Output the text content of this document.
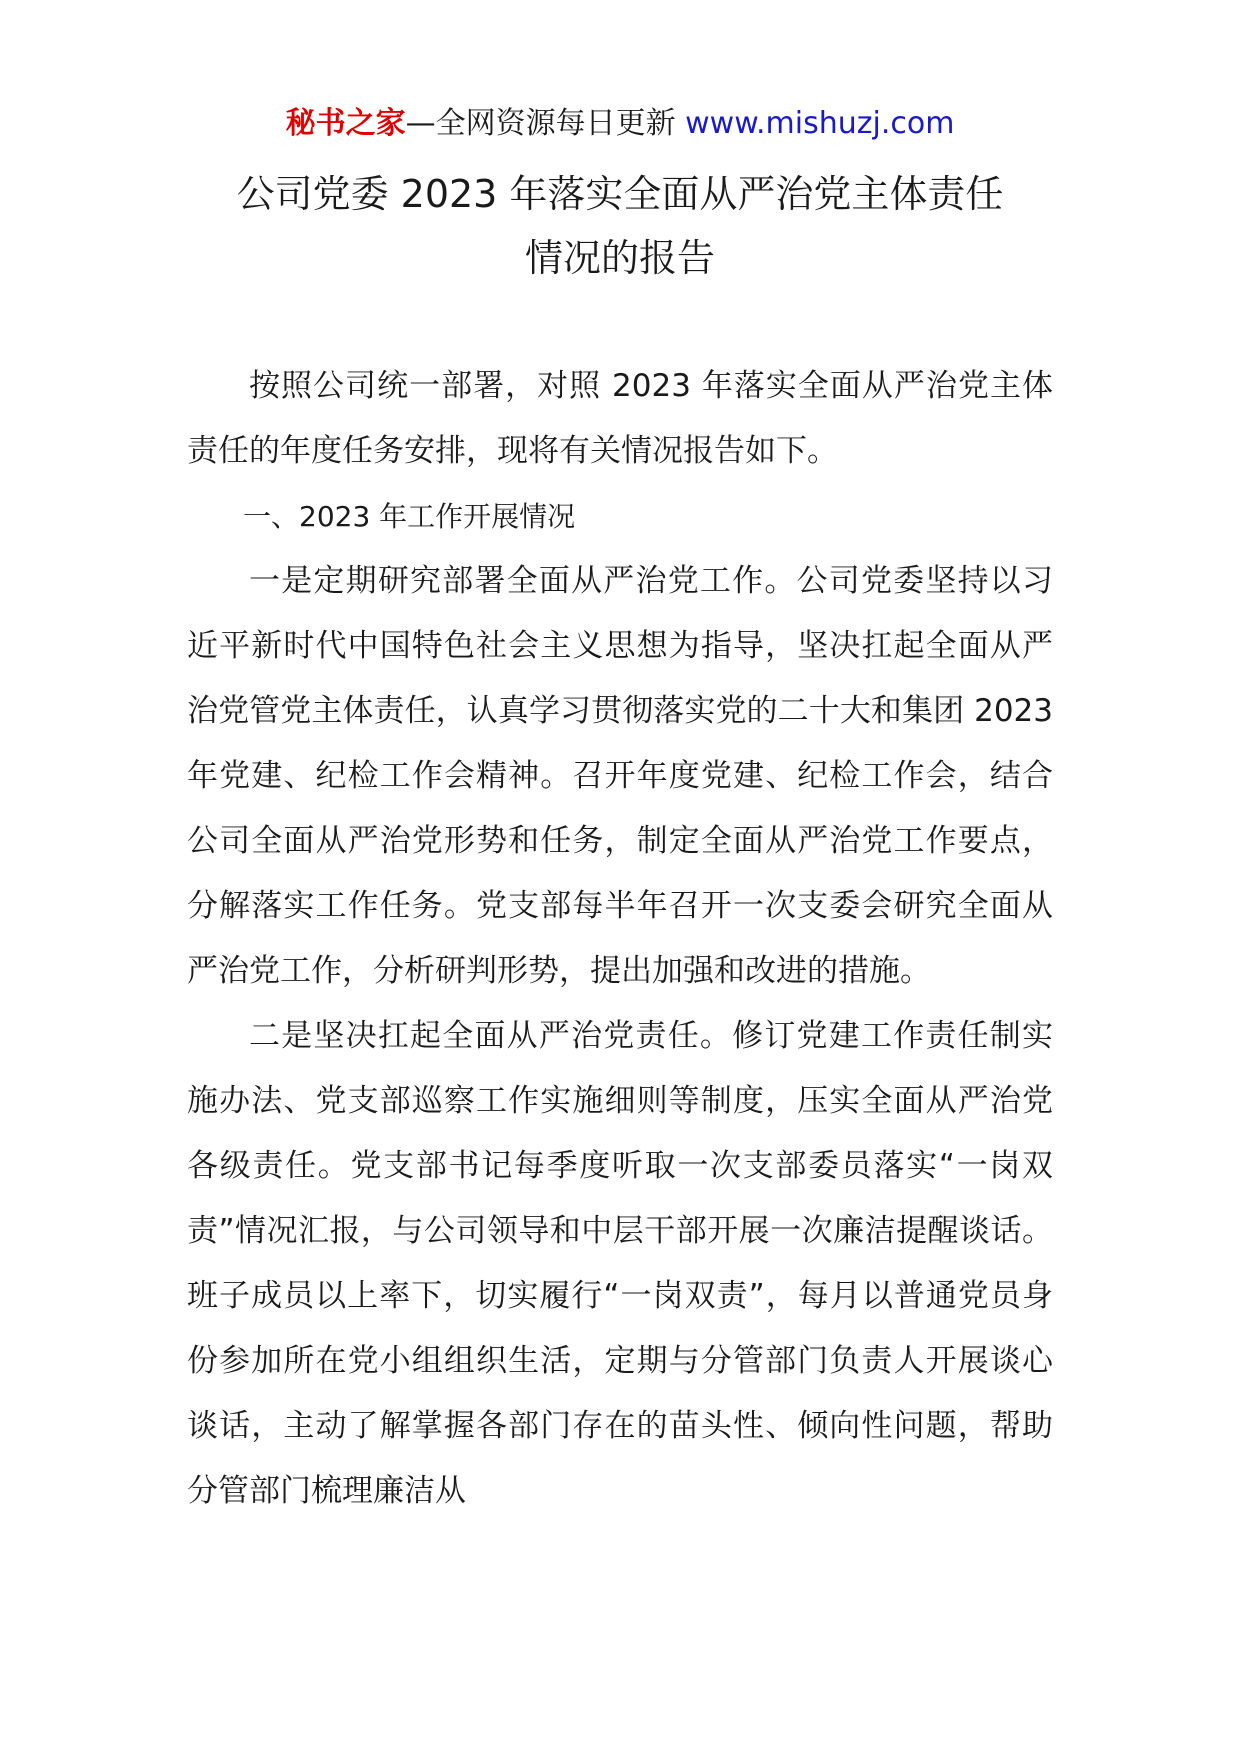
秘书之家—全网资源每日更新 www.mishuzj.com
公司党委 2023 年落实全面从严治党主体责任
情况的报告

按照公司统一部署，对照 2023 年落实全面从严治党主体责任的年度任务安排，现将有关情况报告如下。

一、2023 年工作开展情况

一是定期研究部署全面从严治党工作。公司党委坚持以习近平新时代中国特色社会主义思想为指导，坚决扛起全面从严治党管党主体责任，认真学习贯彻落实党的二十大和集团 2023 年党建、纪检工作会精神。召开年度党建、纪检工作会，结合公司全面从严治党形势和任务，制定全面从严治党工作要点，分解落实工作任务。党支部每半年召开一次支委会研究全面从严治党工作，分析研判形势，提出加强和改进的措施。

二是坚决扛起全面从严治党责任。修订党建工作责任制实施办法、党支部巡察工作实施细则等制度，压实全面从严治党各级责任。党支部书记每季度听取一次支部委员落实“一岗双责”情况汇报，与公司领导和中层干部开展一次廉洁提醒谈话。班子成员以上率下，切实履行“一岗双责”，每月以普通党员身份参加所在党小组组织生活，定期与分管部门负责人开展谈心谈话，主动了解掌握各部门存在的苗头性、倾向性问题，帮助分管部门梳理廉洁从
